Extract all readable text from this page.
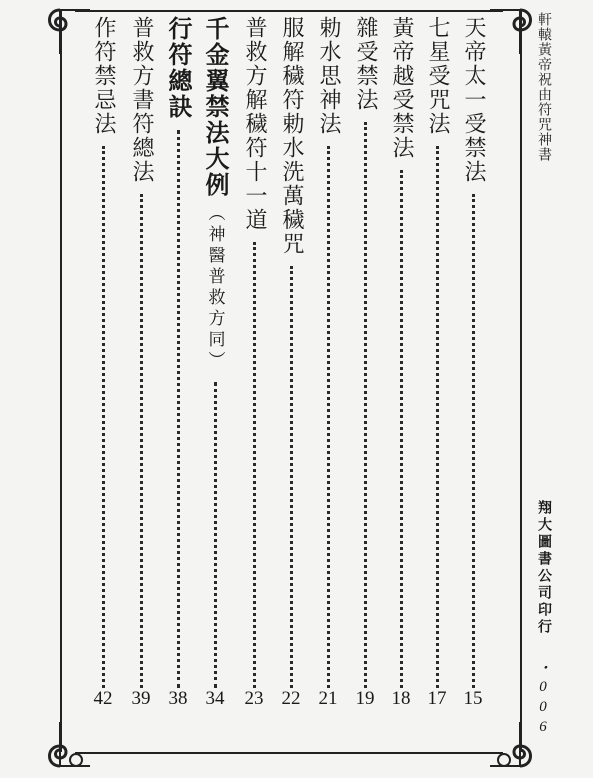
天帝太一受禁法
15
七星受咒法
17
黃帝越受禁法
18
雜受禁法
19
勅水思神法
21
服解穢符勅水洗萬穢咒
22
普救方解穢符十一道
23
千金翼禁法大例
（神醫普救方同）
34
行符總訣
38
普救方書符總法
39
作符禁忌法
42
軒轅黃帝祝由符咒神書
翔大圖書公司印行
・006
